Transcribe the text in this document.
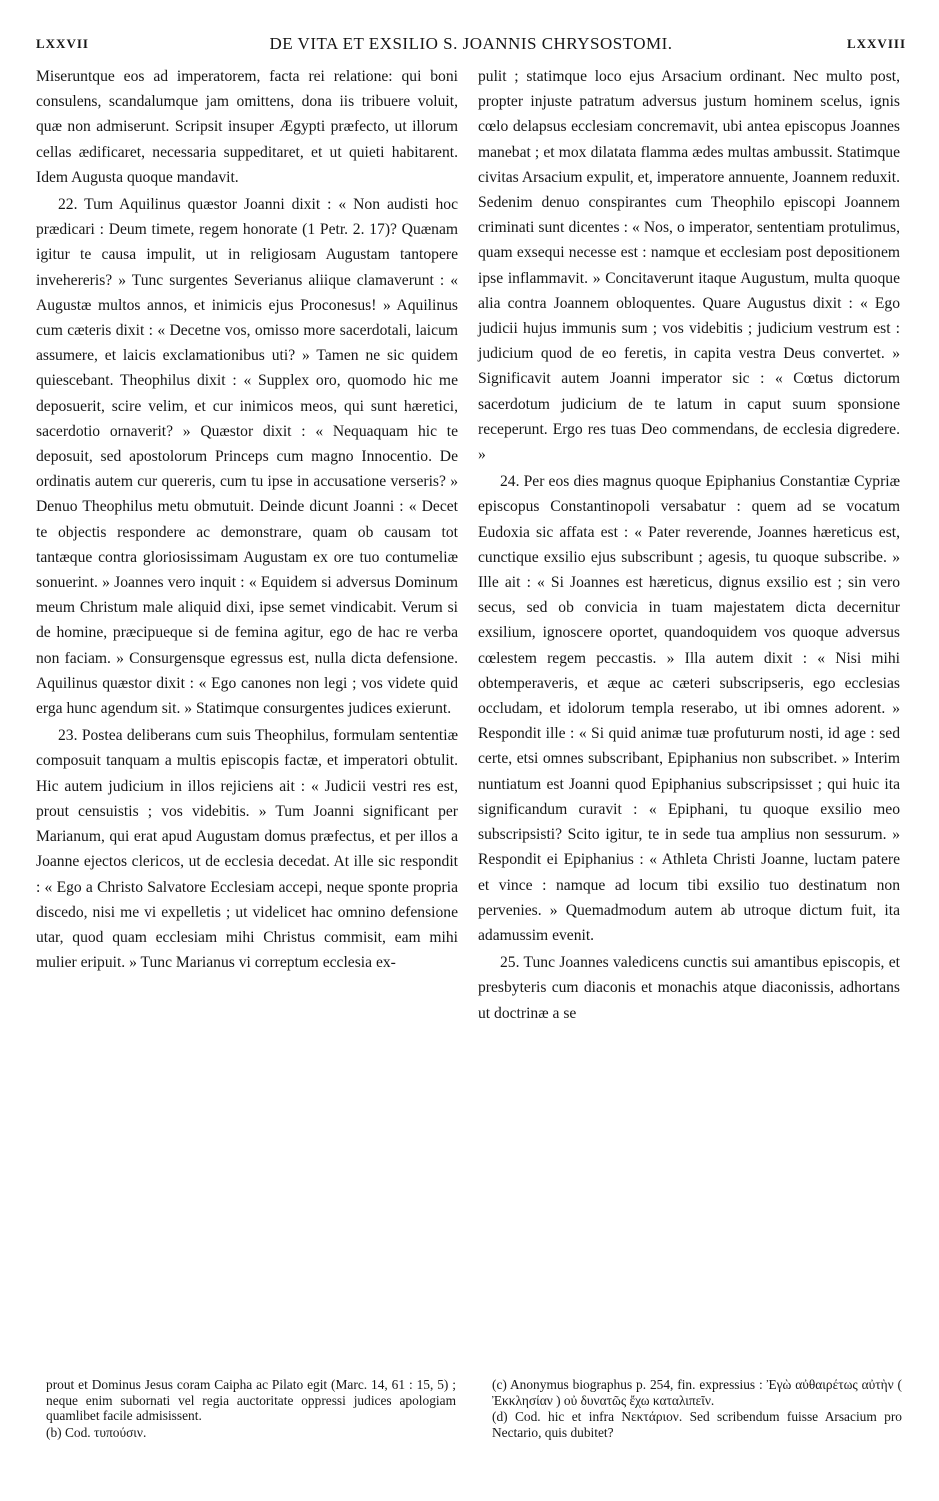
LXXVII	DE VITA ET EXSILIO S. JOANNIS CHRYSOSTOMI.	LXXVIII

Miseruntque eos ad imperatorem, facta rei relatione: qui boni consulens, scandalumque jam omittens, dona iis tribuere voluit, quæ non admiserunt. Scripsit insuper Ægypti præfecto, ut illorum cellas ædificaret, necessaria suppeditaret, et ut quieti habitarent. Idem Augusta quoque mandavit.

22. Tum Aquilinus quæstor Joanni dixit : « Non audisti hoc prædicari : Deum timete, regem honorate (1 Petr. 2. 17)? Quænam igitur te causa impulit, ut in religiosam Augustam tantopere invehereris? » Tunc surgentes Severianus aliique clamaverunt : « Augustæ multos annos, et inimicis ejus Proconesus! » Aquilinus cum cæteris dixit : « Decetne vos, omisso more sacerdotali, laicum assumere, et laicis exclamationibus uti? » Tamen ne sic quidem quiescebant. Theophilus dixit : « Supplex oro, quomodo hic me deposuerit, scire velim, et cur inimicos meos, qui sunt hæretici, sacerdotio ornaverit? » Quæstor dixit : « Nequaquam hic te deposuit, sed apostolorum Princeps cum magno Innocentio. De ordinatis autem cur quereris, cum tu ipse in accusatione verseris? » Denuo Theophilus metu obmutuit. Deinde dicunt Joanni : « Decet te objectis respondere ac demonstrare, quam ob causam tot tantæque contra gloriosissimam Augustam ex ore tuo contumeliæ sonuerint. » Joannes vero inquit : « Equidem si adversus Dominum meum Christum male aliquid dixi, ipse semet vindicabit. Verum si de homine, præcipueque si de femina agitur, ego de hac re verba non faciam. » Consurgensque egressus est, nulla dicta defensione. Aquilinus quæstor dixit : « Ego canones non legi ; vos videte quid erga hunc agendum sit. » Statimque consurgentes judices exierunt.

23. Postea deliberans cum suis Theophilus, formulam sententiæ composuit tanquam a multis episcopis factæ, et imperatori obtulit. Hic autem judicium in illos rejiciens ait : « Judicii vestri res est, prout censuistis ; vos videbitis. » Tum Joanni significant per Marianum, qui erat apud Augustam domus præfectus, et per illos a Joanne ejectos clericos, ut de ecclesia decedat. At ille sic respondit : « Ego a Christo Salvatore Ecclesiam accepi, neque sponte propria discedo, nisi me vi expelletis ; ut videlicet hac omnino defensione utar, quod quam ecclesiam mihi Christus commisit, eam mihi mulier eripuit. » Tunc Marianus vi correptum ecclesia ex-

pulit ; statimque loco ejus Arsacium ordinant. Nec multo post, propter injuste patratum adversus justum hominem scelus, ignis cœlo delapsus ecclesiam concremavit, ubi antea episcopus Joannes manebat ; et mox dilatata flamma ædes multas ambussit. Statimque civitas Arsacium expulit, et, imperatore annuente, Joannem reduxit. Sedenim denuo conspirantes cum Theophilo episcopi Joannem criminati sunt dicentes : « Nos, o imperator, sententiam protulimus, quam exsequi necesse est : namque et ecclesiam post depositionem ipse inflammavit. » Concitaverunt itaque Augustum, multa quoque alia contra Joannem obloquentes. Quare Augustus dixit : « Ego judicii hujus immunis sum ; vos videbitis ; judicium vestrum est : judicium quod de eo feretis, in capita vestra Deus convertet. » Significavit autem Joanni imperator sic : « Cœtus dictorum sacerdotum judicium de te latum in caput suum sponsione receperunt. Ergo res tuas Deo commendans, de ecclesia digredere. »

24. Per eos dies magnus quoque Epiphanius Constantiæ Cypriæ episcopus Constantinopoli versabatur : quem ad se vocatum Eudoxia sic affata est : « Pater reverende, Joannes hæreticus est, cunctique exsilio ejus subscribunt ; agesis, tu quoque subscribe. » Ille ait : « Si Joannes est hæreticus, dignus exsilio est ; sin vero secus, sed ob convicia in tuam majestatem dicta decernitur exsilium, ignoscere oportet, quandoquidem vos quoque adversus cœlestem regem peccastis. » Illa autem dixit : « Nisi mihi obtemperaveris, et æque ac cæteri subscripseris, ego ecclesias occludam, et idolorum templa reserabo, ut ibi omnes adorent. » Respondit ille : « Si quid animæ tuæ profuturum nosti, id age : sed certe, etsi omnes subscribant, Epiphanius non subscribet. » Interim nuntiatum est Joanni quod Epiphanius subscripsisset ; qui huic ita significandum curavit : « Epiphani, tu quoque exsilio meo subscripsisti? Scito igitur, te in sede tua amplius non sessurum. » Respondit ei Epiphanius : « Athleta Christi Joanne, luctam patere et vince : namque ad locum tibi exsilio tuo destinatum non pervenies. » Quemadmodum autem ab utroque dictum fuit, ita adamussim evenit.

25. Tunc Joannes valedicens cunctis sui amantibus episcopis, et presbyteris cum diaconis et monachis atque diaconissis, adhortans ut doctrinæ a se

prout et Dominus Jesus coram Caipha ac Pilato egit (Marc. 14, 61 : 15, 5) ; neque enim subornati vel regia auctoritate oppressi judices apologiam quamlibet facile admisissent.

(b) Cod. τυπούσιν.

(c) Anonymus biographus p. 254, fin. expressius : Ἐγὼ αὐθαιρέτως αὐτὴν ( Ἐκκλησίαν ) οὐ δυνατῶς ἔχω καταλιπεῖν.

(d) Cod. hic et infra Νεκτάριον. Sed scribendum fuisse Arsacium pro Nectario, quis dubitet?
